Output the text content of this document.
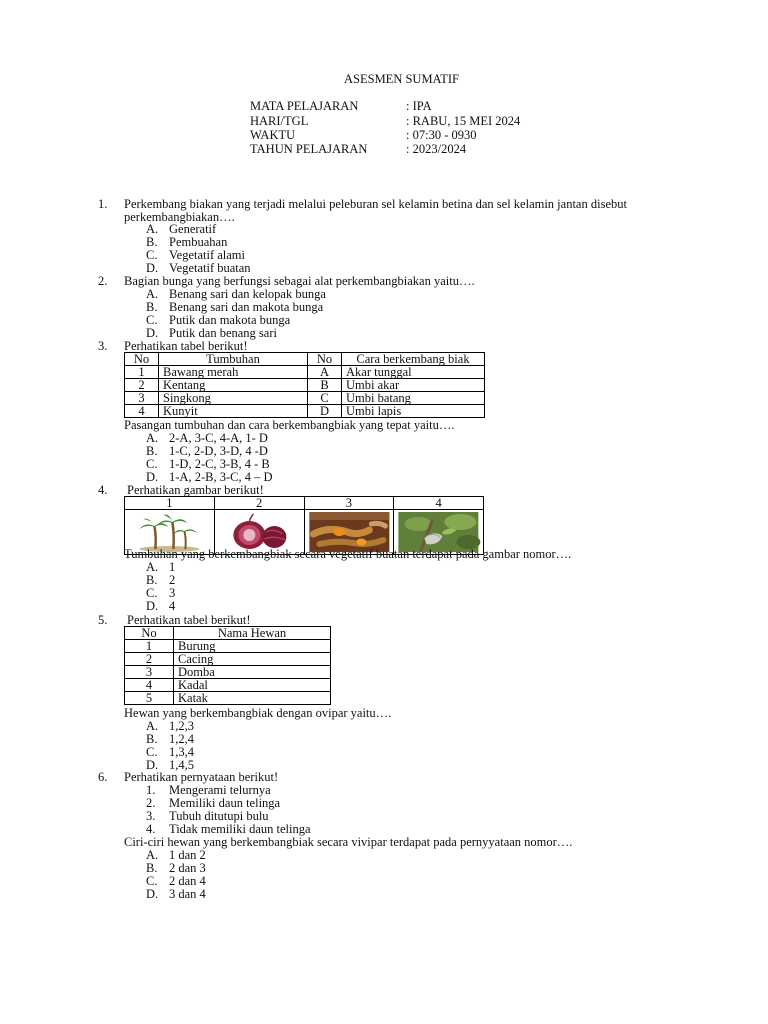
ASESMEN SUMATIF
MATA PELAJARAN	: IPA
HARI/TGL	: RABU, 15 MEI 2024
WAKTU	: 07:30 - 0930
TAHUN PELAJARAN	: 2023/2024
1. Perkembang biakan yang terjadi melalui peleburan sel kelamin betina dan sel kelamin jantan disebut
perkembangbiakan….
A. Generatif
B. Pembuahan
C. Vegetatif alami
D. Vegetatif buatan
2. Bagian bunga yang berfungsi sebagai alat perkembangbiakan yaitu….
A. Benang sari dan kelopak bunga
B. Benang sari dan makota bunga
C. Putik dan makota bunga
D. Putik dan benang sari
3. Perhatikan tabel berikut!
No	Tumbuhan	No	Cara berkembang biak
1	Bawang merah	A	Akar tunggal
2	Kentang	B	Umbi akar
3	Singkong	C	Umbi batang
4	Kunyit	D	Umbi lapis
Pasangan tumbuhan dan cara berkembangbiak yang tepat yaitu….
A. 2-A, 3-C, 4-A, 1- D
B. 1-C, 2-D, 3-D, 4 -D
C. 1-D, 2-C, 3-B, 4 - B
D. 1-A, 2-B, 3-C, 4 – D
4. Perhatikan gambar berikut!
1	2	3	4

Tumbuhan yang berkembangbiak secara vegetatif buatan terdapat pada gambar nomor….
A. 1
B. 2
C. 3
D. 4
5. Perhatikan tabel berikut!
No	Nama Hewan
1	Burung
2	Cacing
3	Domba
4	Kadal
5	Katak
Hewan yang berkembangbiak dengan ovipar yaitu….
A. 1,2,3
B. 1,2,4
C. 1,3,4
D. 1,4,5
6. Perhatikan pernyataan berikut!
1. Mengerami telurnya
2. Memiliki daun telinga
3. Tubuh ditutupi bulu
4. Tidak memiliki daun telinga
Ciri-ciri hewan yang berkembangbiak secara vivipar terdapat pada pernyyataan nomor….
A. 1 dan 2
B. 2 dan 3
C. 2 dan 4
D. 3 dan 4
